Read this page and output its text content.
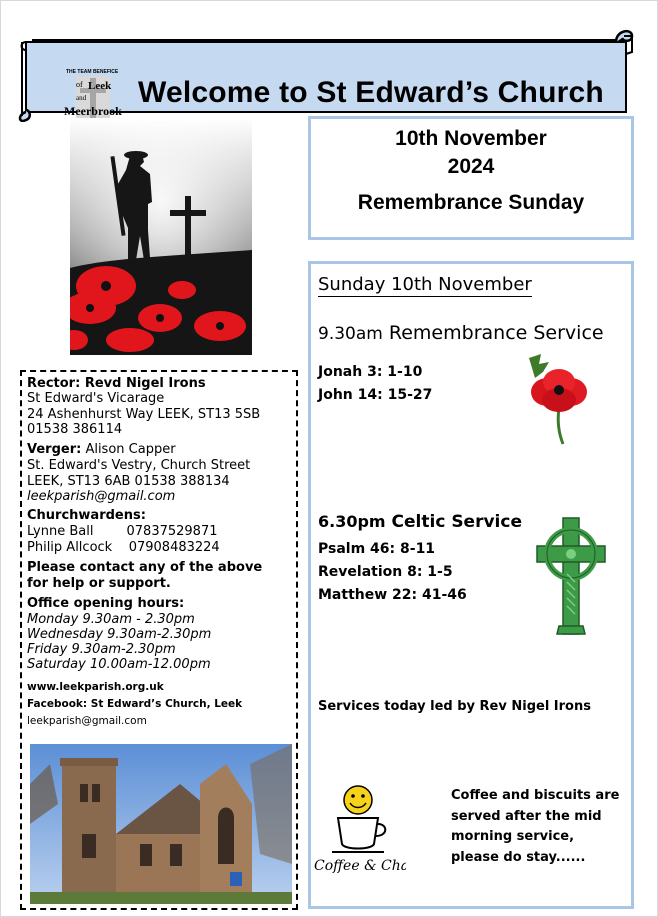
THE TEAM BENEFICE
of Leek
and
Meerbrook
Welcome to St Edward’s Church
10th November
2024
Remembrance Sunday
Sunday 10th November
9.30am Remembrance Service
Jonah 3: 1-10
John 14: 15-27
6.30pm Celtic Service
Psalm 46: 8-11
Revelation 8: 1-5
Matthew 22: 41-46
Services today led by Rev Nigel Irons
Coffee & Chat
Coffee and biscuits are
served after the mid
morning service,
please do stay......
Rector: Revd Nigel Irons
St Edward's Vicarage
24 Ashenhurst Way LEEK, ST13 5SB
01538 386114
Verger: Alison Capper
St. Edward's Vestry, Church Street
LEEK, ST13 6AB 01538 388134
leekparish@gmail.com
Churchwardens:
Lynne Ball        07837529871
Philip Allcock    07908483224
Please contact any of the above
for help or support.
Office opening hours:
Monday 9.30am - 2.30pm
Wednesday 9.30am-2.30pm
Friday 9.30am-2.30pm
Saturday 10.00am-12.00pm
www.leekparish.org.uk
Facebook: St Edward’s Church, Leek
leekparish@gmail.com
